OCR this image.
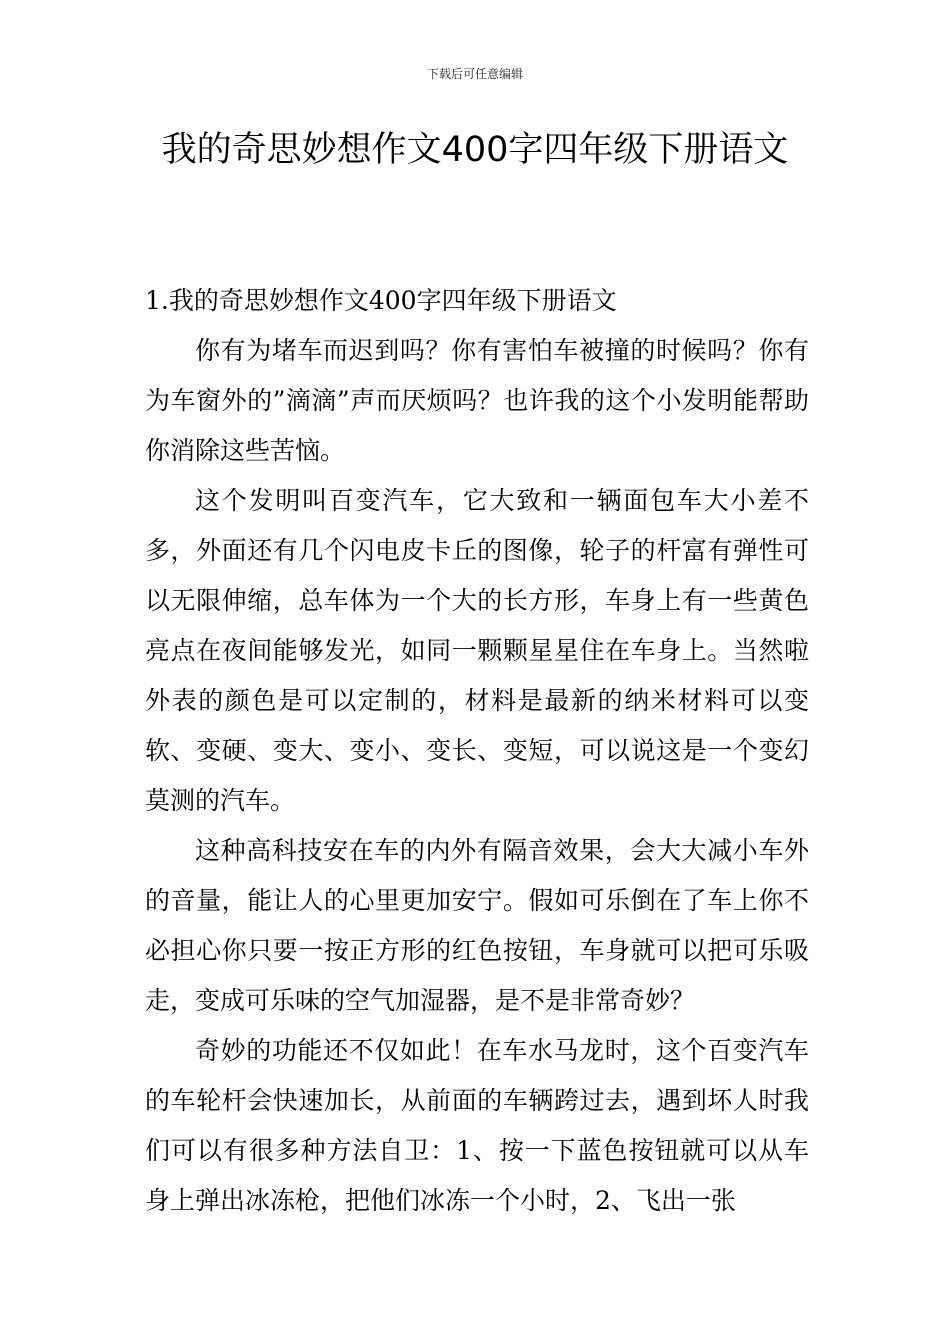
下载后可任意编辑
我的奇思妙想作文400字四年级下册语文
1.我的奇思妙想作文400字四年级下册语文

你有为堵车而迟到吗？你有害怕车被撞的时候吗？你有为车窗外的”滴滴”声而厌烦吗？也许我的这个小发明能帮助你消除这些苦恼。

这个发明叫百变汽车，它大致和一辆面包车大小差不多，外面还有几个闪电皮卡丘的图像，轮子的杆富有弹性可以无限伸缩，总车体为一个大的长方形，车身上有一些黄色亮点在夜间能够发光，如同一颗颗星星住在车身上。当然啦外表的颜色是可以定制的，材料是最新的纳米材料可以变软、变硬、变大、变小、变长、变短，可以说这是一个变幻莫测的汽车。

这种高科技安在车的内外有隔音效果，会大大减小车外的音量，能让人的心里更加安宁。假如可乐倒在了车上你不必担心你只要一按正方形的红色按钮，车身就可以把可乐吸走，变成可乐味的空气加湿器，是不是非常奇妙？

奇妙的功能还不仅如此！在车水马龙时，这个百变汽车的车轮杆会快速加长，从前面的车辆跨过去，遇到坏人时我们可以有很多种方法自卫：1、按一下蓝色按钮就可以从车身上弹出冰冻枪，把他们冰冻一个小时，2、飞出一张
